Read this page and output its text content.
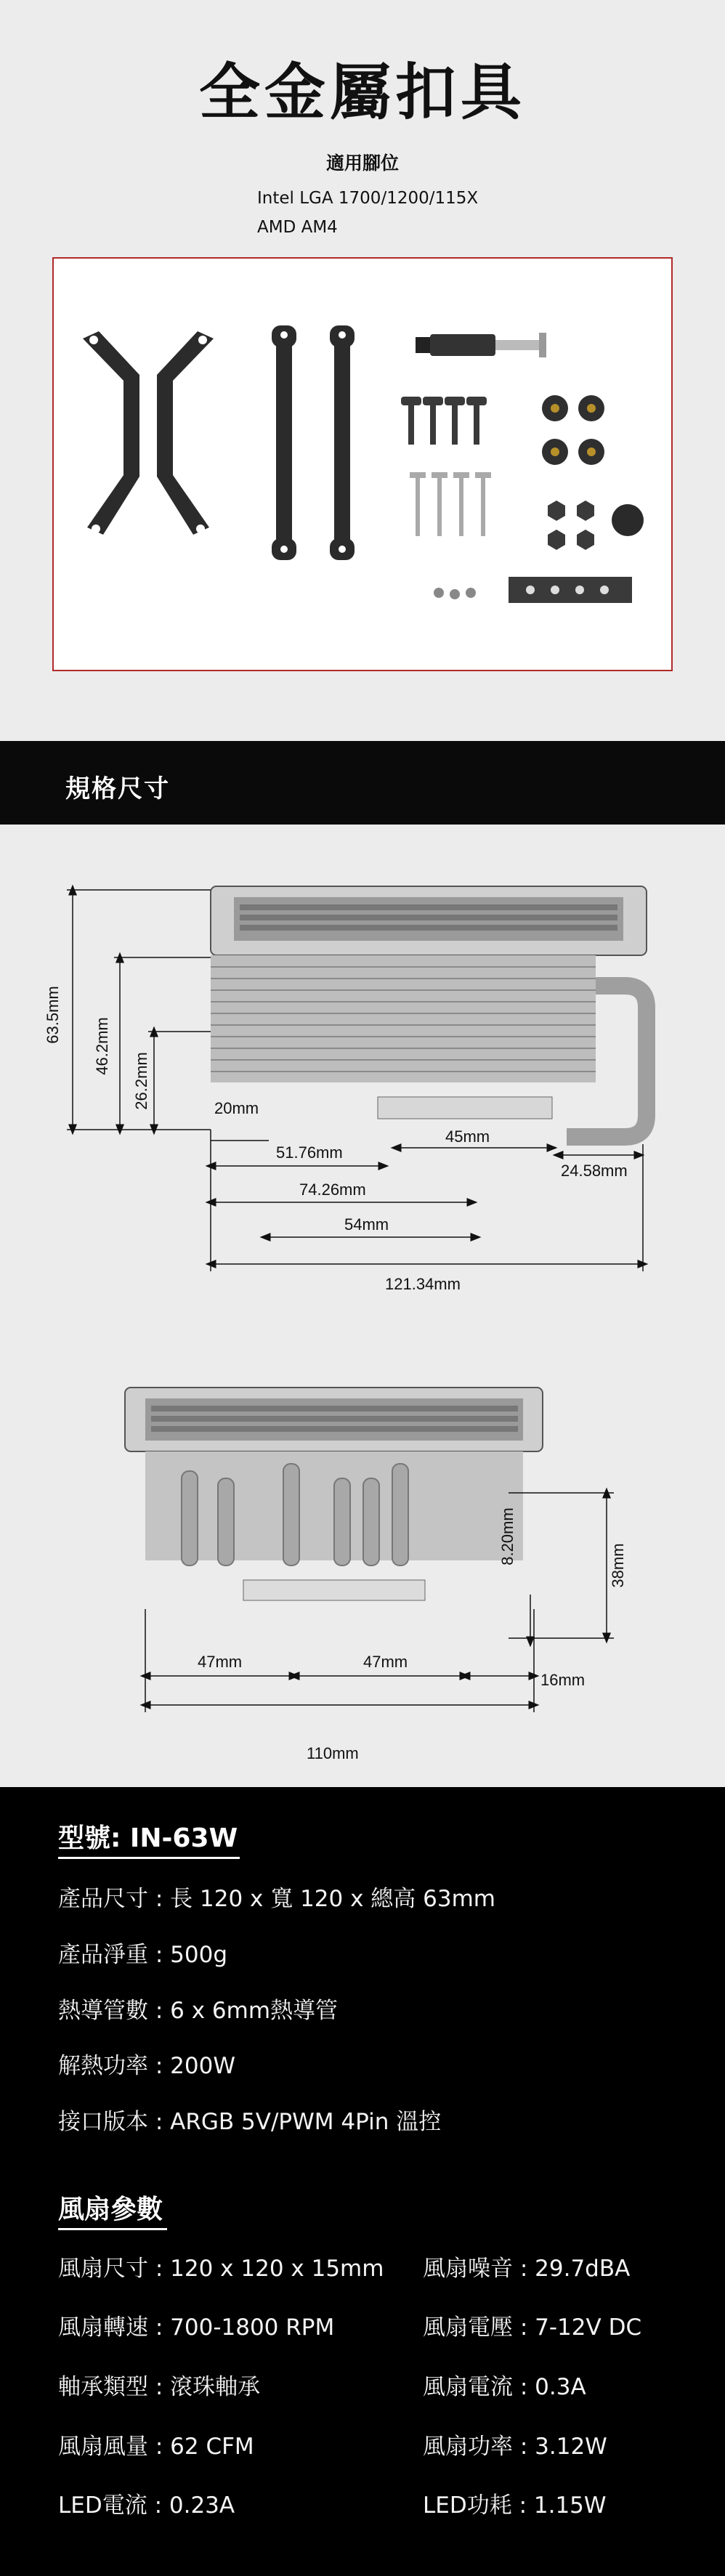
全金屬扣具
適用腳位
Intel LGA 1700/1200/115X
AMD AM4
規格尺寸
63.5mm
46.2mm
26.2mm	20mm
51.76mm
45mm
24.58mm
74.26mm
54mm
121.34mm
8.20mm
38mm
47mm	47mm
16mm
110mm
型號: IN-63W
產品尺寸 : 長 120 x 寬 120 x 總高 63mm
產品淨重 : 500g
熱導管數 : 6 x 6mm熱導管
解熱功率 : 200W
接口版本 : ARGB 5V/PWM 4Pin 溫控
風扇參數
風扇尺寸 : 120 x 120 x 15mm
風扇轉速 : 700-1800 RPM
軸承類型 : 滾珠軸承
風扇風量 : 62 CFM
LED電流 : 0.23A
風扇噪音 : 29.7dBA
風扇電壓 : 7-12V DC
風扇電流 : 0.3A
風扇功率 : 3.12W
LED功耗 : 1.15W
